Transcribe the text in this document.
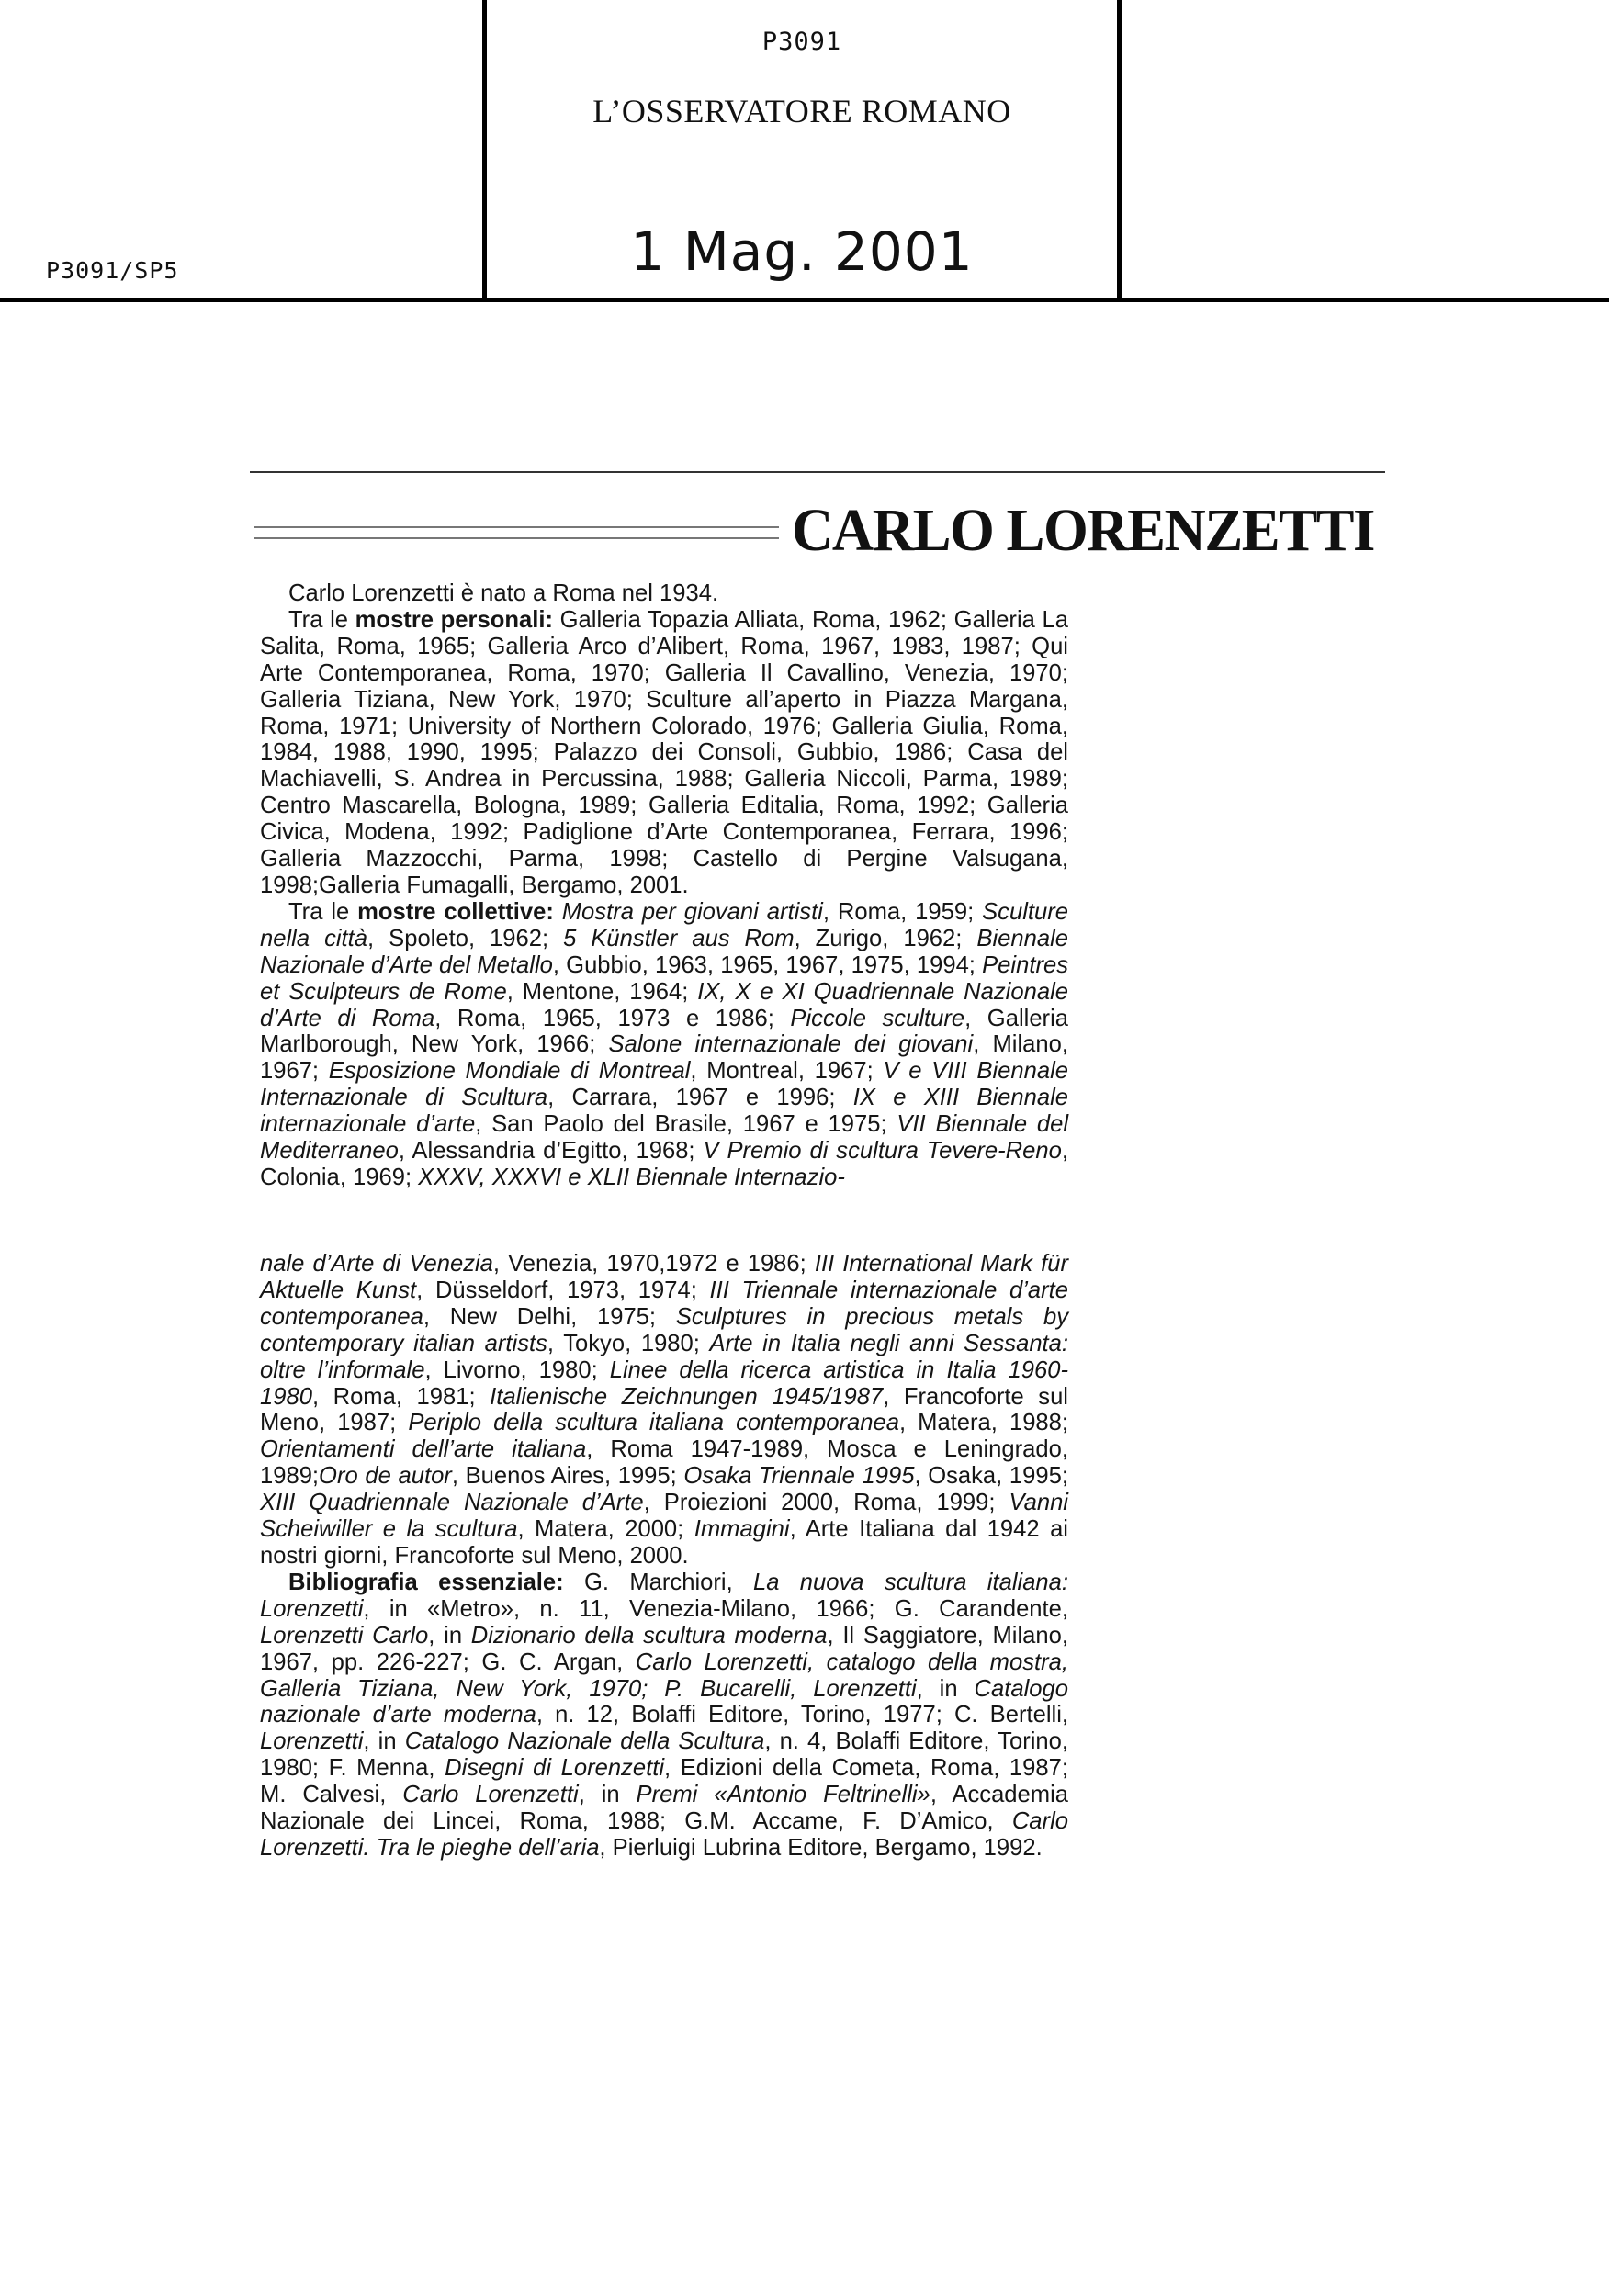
P3091
L’OSSERVATORE ROMANO
1 Mag. 2001
P3091/SP5
CARLO LORENZETTI

Carlo Lorenzetti è nato a Roma nel 1934.

Tra le mostre personali: Galleria Topazia Alliata, Roma, 1962; Galleria La Salita, Roma, 1965; Galleria Arco d’Alibert, Roma, 1967, 1983, 1987; Qui Arte Contemporanea, Roma, 1970; Galleria Il Cavallino, Venezia, 1970; Galleria Tiziana, New York, 1970; Sculture all’aperto in Piazza Margana, Roma, 1971; University of Northern Colorado, 1976; Galleria Giulia, Roma, 1984, 1988, 1990, 1995; Palazzo dei Consoli, Gubbio, 1986; Casa del Machiavelli, S. Andrea in Percussina, 1988; Galleria Niccoli, Parma, 1989; Centro Mascarella, Bologna, 1989; Galleria Editalia, Roma, 1992; Galleria Civica, Modena, 1992; Padiglione d’Arte Contemporanea, Ferrara, 1996; Galleria Mazzocchi, Parma, 1998; Castello di Pergine Valsugana, 1998;Galleria Fumagalli, Bergamo, 2001.

Tra le mostre collettive: Mostra per giovani artisti, Roma, 1959; Sculture nella città, Spoleto, 1962; 5 Künstler aus Rom, Zurigo, 1962; Biennale Nazionale d’Arte del Metallo, Gubbio, 1963, 1965, 1967, 1975, 1994; Peintres et Sculpteurs de Rome, Mentone, 1964; IX, X e XI Quadriennale Nazionale d’Arte di Roma, Roma, 1965, 1973 e 1986; Piccole sculture, Galleria Marlborough, New York, 1966; Salone internazionale dei giovani, Milano, 1967; Esposizione Mondiale di Montreal, Montreal, 1967; V e VIII Biennale Internazionale di Scultura, Carrara, 1967 e 1996; IX e XIII Biennale internazionale d’arte, San Paolo del Brasile, 1967 e 1975; VII Biennale del Mediterraneo, Alessandria d’Egitto, 1968; V Premio di scultura Tevere-Reno, Colonia, 1969; XXXV, XXXVI e XLII Biennale Internazio-

nale d’Arte di Venezia, Venezia, 1970,1972 e 1986; III International Mark für Aktuelle Kunst, Düsseldorf, 1973, 1974; III Triennale internazionale d’arte contemporanea, New Delhi, 1975; Sculptures in precious metals by contemporary italian artists, Tokyo, 1980; Arte in Italia negli anni Sessanta: oltre l’informale, Livorno, 1980; Linee della ricerca artistica in Italia 1960-1980, Roma, 1981; Italienische Zeichnungen 1945/1987, Francoforte sul Meno, 1987; Periplo della scultura italiana contemporanea, Matera, 1988; Orientamenti dell’arte italiana, Roma 1947-1989, Mosca e Leningrado, 1989;Oro de autor, Buenos Aires, 1995; Osaka Triennale 1995, Osaka, 1995; XIII Quadriennale Nazionale d’Arte, Proiezioni 2000, Roma, 1999; Vanni Scheiwiller e la scultura, Matera, 2000; Immagini, Arte Italiana dal 1942 ai nostri giorni, Francoforte sul Meno, 2000.

Bibliografia essenziale: G. Marchiori, La nuova scultura italiana: Lorenzetti, in «Metro», n. 11, Venezia-Milano, 1966; G. Carandente, Lorenzetti Carlo, in Dizionario della scultura moderna, Il Saggiatore, Milano, 1967, pp. 226-227; G. C. Argan, Carlo Lorenzetti, catalogo della mostra, Galleria Tiziana, New York, 1970; P. Bucarelli, Lorenzetti, in Catalogo nazionale d’arte moderna, n. 12, Bolaffi Editore, Torino, 1977; C. Bertelli, Lorenzetti, in Catalogo Nazionale della Scultura, n. 4, Bolaffi Editore, Torino, 1980; F. Menna, Disegni di Lorenzetti, Edizioni della Cometa, Roma, 1987; M. Calvesi, Carlo Lorenzetti, in Premi «Antonio Feltrinelli», Accademia Nazionale dei Lincei, Roma, 1988; G.M. Accame, F. D’Amico, Carlo Lorenzetti. Tra le pieghe dell’aria, Pierluigi Lubrina Editore, Bergamo, 1992.
